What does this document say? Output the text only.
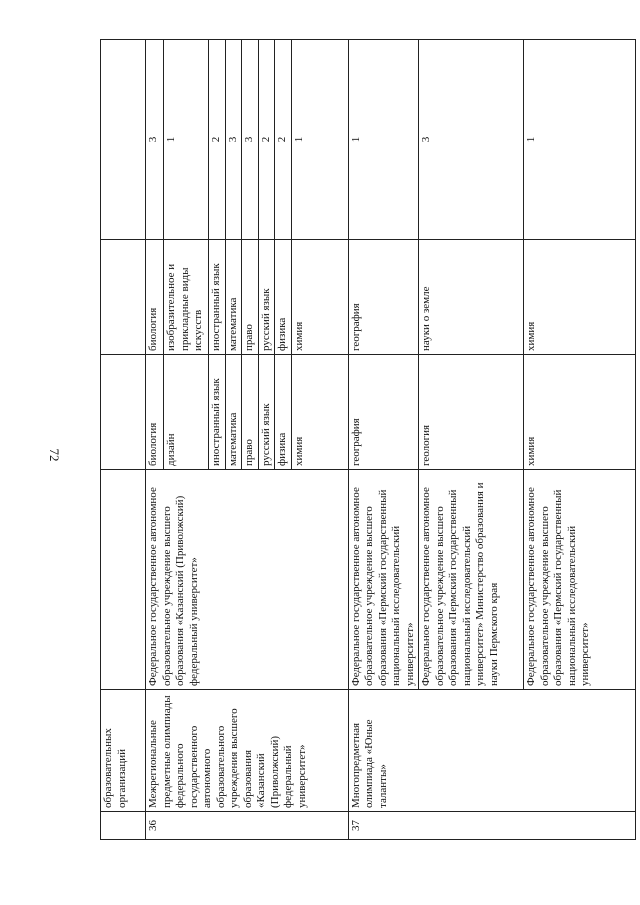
72
	образовательных организаций				
36	Межрегиональные предметные олимпиады федерального государственного автономного образовательного учреждения высшего образования «Казанский (Приволжский) федеральный университет»	Федеральное государственное автономное образовательное учреждение высшего образования «Казанский (Приволжский) федеральный университет»	биология	биология	3
			дизайн	изобразительное и прикладные виды искусств	1
			иностранный язык	иностранный язык	2
			математика	математика	3
			право	право	3
			русский язык	русский язык	2
			физика	физика	2
			химия	химия	1
37	Многопредметная олимпиада «Юные таланты»	Федеральное государственное автономное образовательное учреждение высшего образования «Пермский государственный национальный исследовательский университет»	география	география	1
		Федеральное государственное автономное образовательное учреждение высшего образования «Пермский государственный национальный исследовательский университет» Министерство образования и науки Пермского края	геология	науки о земле	3
		Федеральное государственное автономное образовательное учреждение высшего образования «Пермский государственный национальный исследовательский университет»	химия	химия	1
